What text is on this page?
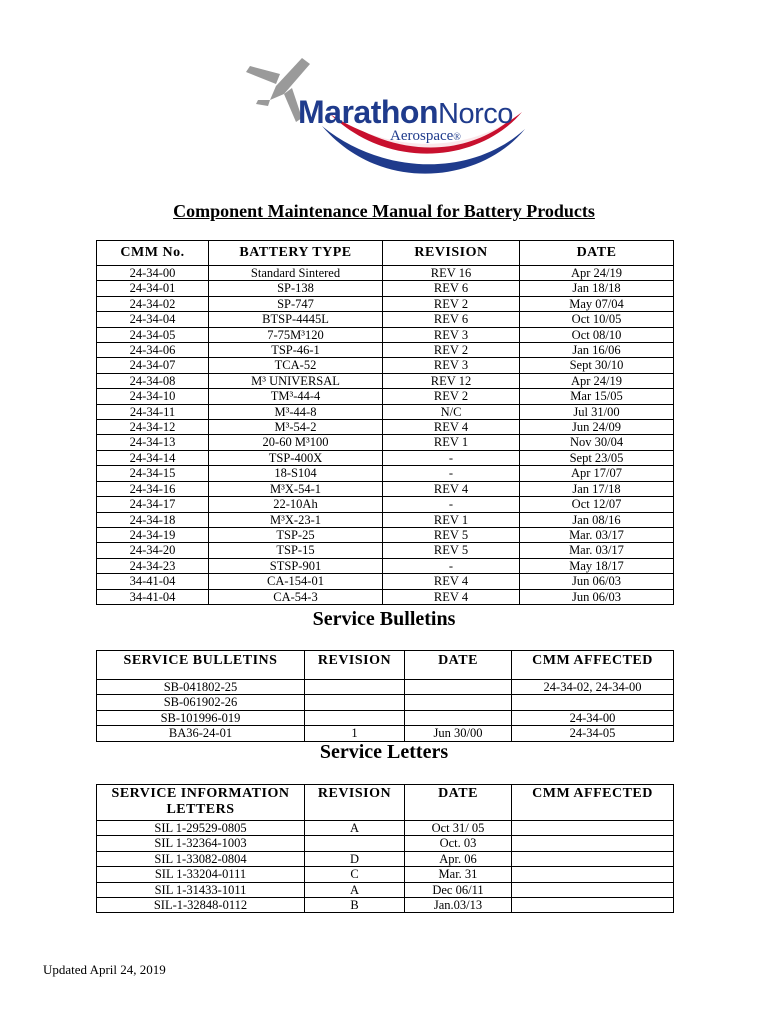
MarathonNorco
Aerospace®
Component Maintenance Manual for Battery Products
CMM No.	BATTERY TYPE	REVISION	DATE
24-34-00	Standard Sintered	REV 16	Apr 24/19
24-34-01	SP-138	REV 6	Jan 18/18
24-34-02	SP-747	REV 2	May 07/04
24-34-04	BTSP-4445L	REV 6	Oct 10/05
24-34-05	7-75M³120	REV 3	Oct 08/10
24-34-06	TSP-46-1	REV 2	Jan 16/06
24-34-07	TCA-52	REV 3	Sept 30/10
24-34-08	M³ UNIVERSAL	REV 12	Apr 24/19
24-34-10	TM³-44-4	REV 2	Mar 15/05
24-34-11	M³-44-8	N/C	Jul 31/00
24-34-12	M³-54-2	REV 4	Jun 24/09
24-34-13	20-60 M³100	REV 1	Nov 30/04
24-34-14	TSP-400X	-	Sept 23/05
24-34-15	18-S104	-	Apr 17/07
24-34-16	M³X-54-1	REV 4	Jan 17/18
24-34-17	22-10Ah	-	Oct 12/07
24-34-18	M³X-23-1	REV 1	Jan 08/16
24-34-19	TSP-25	REV 5	Mar. 03/17
24-34-20	TSP-15	REV 5	Mar. 03/17
24-34-23	STSP-901	-	May 18/17
34-41-04	CA-154-01	REV 4	Jun 06/03
34-41-04	CA-54-3	REV 4	Jun 06/03
Service Bulletins
SERVICE BULLETINS	REVISION	DATE	CMM AFFECTED
SB-041802-25			24-34-02, 24-34-00
SB-061902-26			
SB-101996-019			24-34-00
BA36-24-01	1	Jun 30/00	24-34-05
Service Letters
SERVICE INFORMATION LETTERS	REVISION	DATE	CMM AFFECTED
SIL 1-29529-0805	A	Oct 31/ 05	
SIL 1-32364-1003		Oct. 03	
SIL 1-33082-0804	D	Apr. 06	
SIL 1-33204-0111	C	Mar. 31	
SIL 1-31433-1011	A	Dec 06/11	
SIL-1-32848-0112	B	Jan.03/13	
Updated April 24, 2019
